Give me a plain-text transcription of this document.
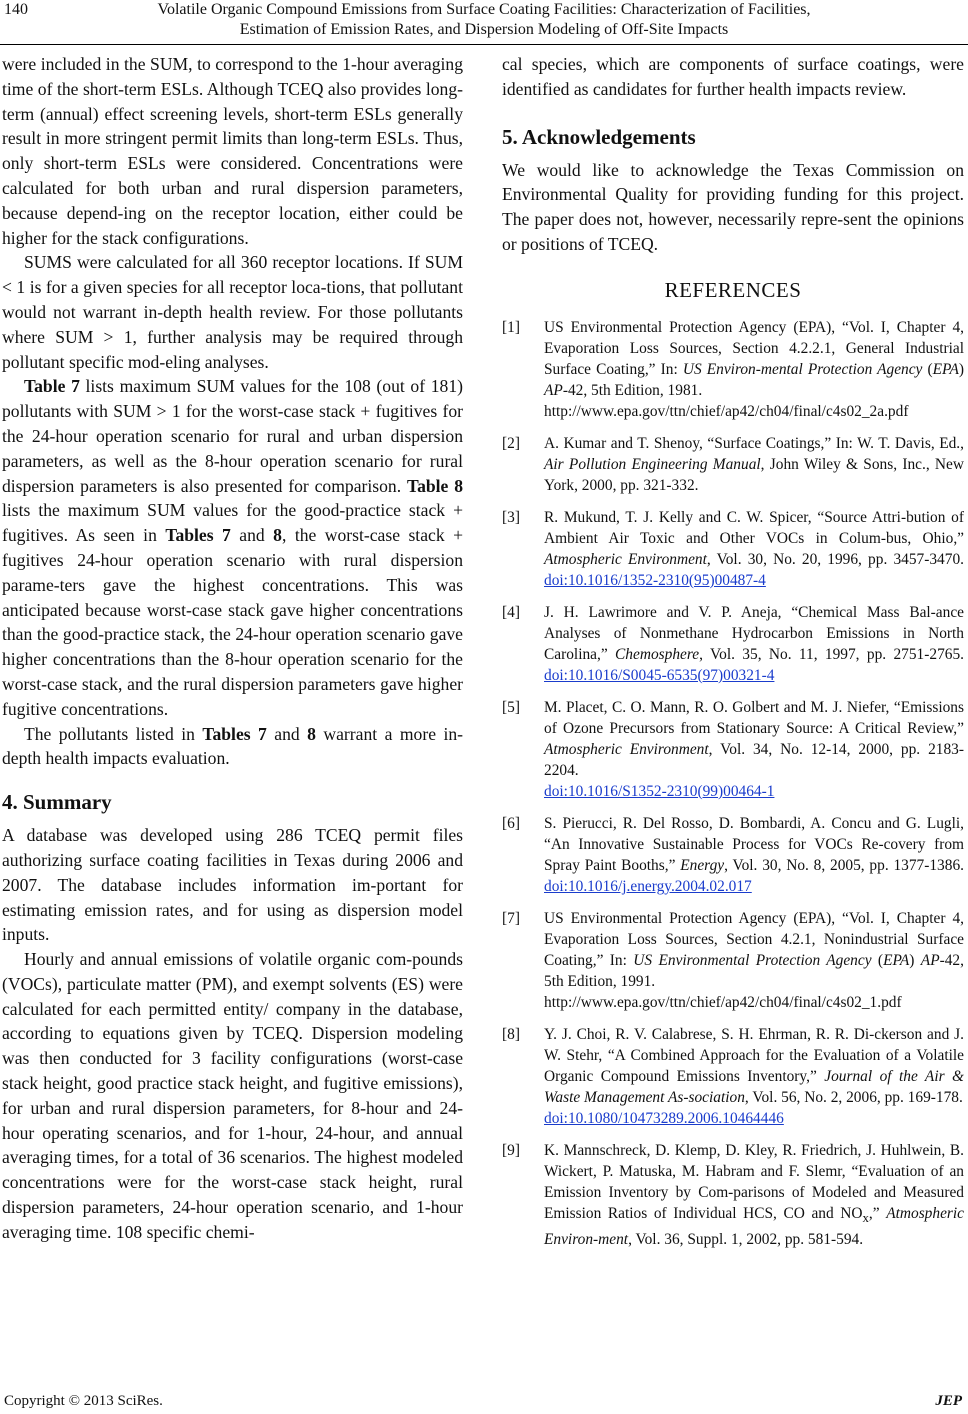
140	Volatile Organic Compound Emissions from Surface Coating Facilities: Characterization of Facilities,
Estimation of Emission Rates, and Dispersion Modeling of Off-Site Impacts

were included in the SUM, to correspond to the 1-hour averaging time of the short-term ESLs. Although TCEQ also provides long-term (annual) effect screening levels, short-term ESLs generally result in more stringent permit limits than long-term ESLs. Thus, only short-term ESLs were considered. Concentrations were calculated for both urban and rural dispersion parameters, because depend-ing on the receptor location, either could be higher for the stack configurations.

SUMS were calculated for all 360 receptor locations. If SUM < 1 is for a given species for all receptor loca-tions, that pollutant would not warrant in-depth health review. For those pollutants where SUM > 1, further analysis may be required through pollutant specific mod-eling analyses.

Table 7 lists maximum SUM values for the 108 (out of 181) pollutants with SUM > 1 for the worst-case stack + fugitives for the 24-hour operation scenario for rural and urban dispersion parameters, as well as the 8-hour operation scenario for rural dispersion parameters is also presented for comparison. Table 8 lists the maximum SUM values for the good-practice stack + fugitives. As seen in Tables 7 and 8, the worst-case stack + fugitives 24-hour operation scenario with rural dispersion parame-ters gave the highest concentrations. This was anticipated because worst-case stack gave higher concentrations than the good-practice stack, the 24-hour operation scenario gave higher concentrations than the 8-hour operation scenario for the worst-case stack, and the rural dispersion parameters gave higher fugitive concentrations.

The pollutants listed in Tables 7 and 8 warrant a more in-depth health impacts evaluation.

4. Summary

A database was developed using 286 TCEQ permit files authorizing surface coating facilities in Texas during 2006 and 2007. The database includes information im-portant for estimating emission rates, and for using as dispersion model inputs.

Hourly and annual emissions of volatile organic com-pounds (VOCs), particulate matter (PM), and exempt solvents (ES) were calculated for each permitted entity/ company in the database, according to equations given by TCEQ. Dispersion modeling was then conducted for 3 facility configurations (worst-case stack height, good practice stack height, and fugitive emissions), for urban and rural dispersion parameters, for 8-hour and 24-hour operating scenarios, and for 1-hour, 24-hour, and annual averaging times, for a total of 36 scenarios. The highest modeled concentrations were for the worst-case stack height, rural dispersion parameters, 24-hour operation scenario, and 1-hour averaging time. 108 specific chemi-

cal species, which are components of surface coatings, were identified as candidates for further health impacts review.

5. Acknowledgements

We would like to acknowledge the Texas Commission on Environmental Quality for providing funding for this project. The paper does not, however, necessarily repre-sent the opinions or positions of TCEQ.

REFERENCES
[1]	US Environmental Protection Agency (EPA), “Vol. I, Chapter 4, Evaporation Loss Sources, Section 4.2.2.1, General Industrial Surface Coating,” In: US Environ-mental Protection Agency (EPA) AP-42, 5th Edition, 1981.
http://www.epa.gov/ttn/chief/ap42/ch04/final/c4s02_2a.pdf
[2]	A. Kumar and T. Shenoy, “Surface Coatings,” In: W. T. Davis, Ed., Air Pollution Engineering Manual, John Wiley & Sons, Inc., New York, 2000, pp. 321-332.
[3]	R. Mukund, T. J. Kelly and C. W. Spicer, “Source Attri-bution of Ambient Air Toxic and Other VOCs in Colum-bus, Ohio,” Atmospheric Environment, Vol. 30, No. 20, 1996, pp. 3457-3470. doi:10.1016/1352-2310(95)00487-4
[4]	J. H. Lawrimore and V. P. Aneja, “Chemical Mass Bal-ance Analyses of Nonmethane Hydrocarbon Emissions in North Carolina,” Chemosphere, Vol. 35, No. 11, 1997, pp. 2751-2765. doi:10.1016/S0045-6535(97)00321-4
[5]	M. Placet, C. O. Mann, R. O. Golbert and M. J. Niefer, “Emissions of Ozone Precursors from Stationary Source: A Critical Review,” Atmospheric Environment, Vol. 34, No. 12-14, 2000, pp. 2183-2204.
doi:10.1016/S1352-2310(99)00464-1
[6]	S. Pierucci, R. Del Rosso, D. Bombardi, A. Concu and G. Lugli, “An Innovative Sustainable Process for VOCs Re-covery from Spray Paint Booths,” Energy, Vol. 30, No. 8, 2005, pp. 1377-1386. doi:10.1016/j.energy.2004.02.017
[7]	US Environmental Protection Agency (EPA), “Vol. I, Chapter 4, Evaporation Loss Sources, Section 4.2.1, Nonindustrial Surface Coating,” In: US Environmental Protection Agency (EPA) AP-42, 5th Edition, 1991.
http://www.epa.gov/ttn/chief/ap42/ch04/final/c4s02_1.pdf
[8]	Y. J. Choi, R. V. Calabrese, S. H. Ehrman, R. R. Di-ckerson and J. W. Stehr, “A Combined Approach for the Evaluation of a Volatile Organic Compound Emissions Inventory,” Journal of the Air & Waste Management As-sociation, Vol. 56, No. 2, 2006, pp. 169-178.
doi:10.1080/10473289.2006.10464446
[9]	K. Mannschreck, D. Klemp, D. Kley, R. Friedrich, J. Huhlwein, B. Wickert, P. Matuska, M. Habram and F. Slemr, “Evaluation of an Emission Inventory by Com-parisons of Modeled and Measured Emission Ratios of Individual HCS, CO and $NO_x$,” Atmospheric Environ-ment, Vol. 36, Suppl. 1, 2002, pp. 581-594.
Copyright © 2013 SciRes.	JEP
